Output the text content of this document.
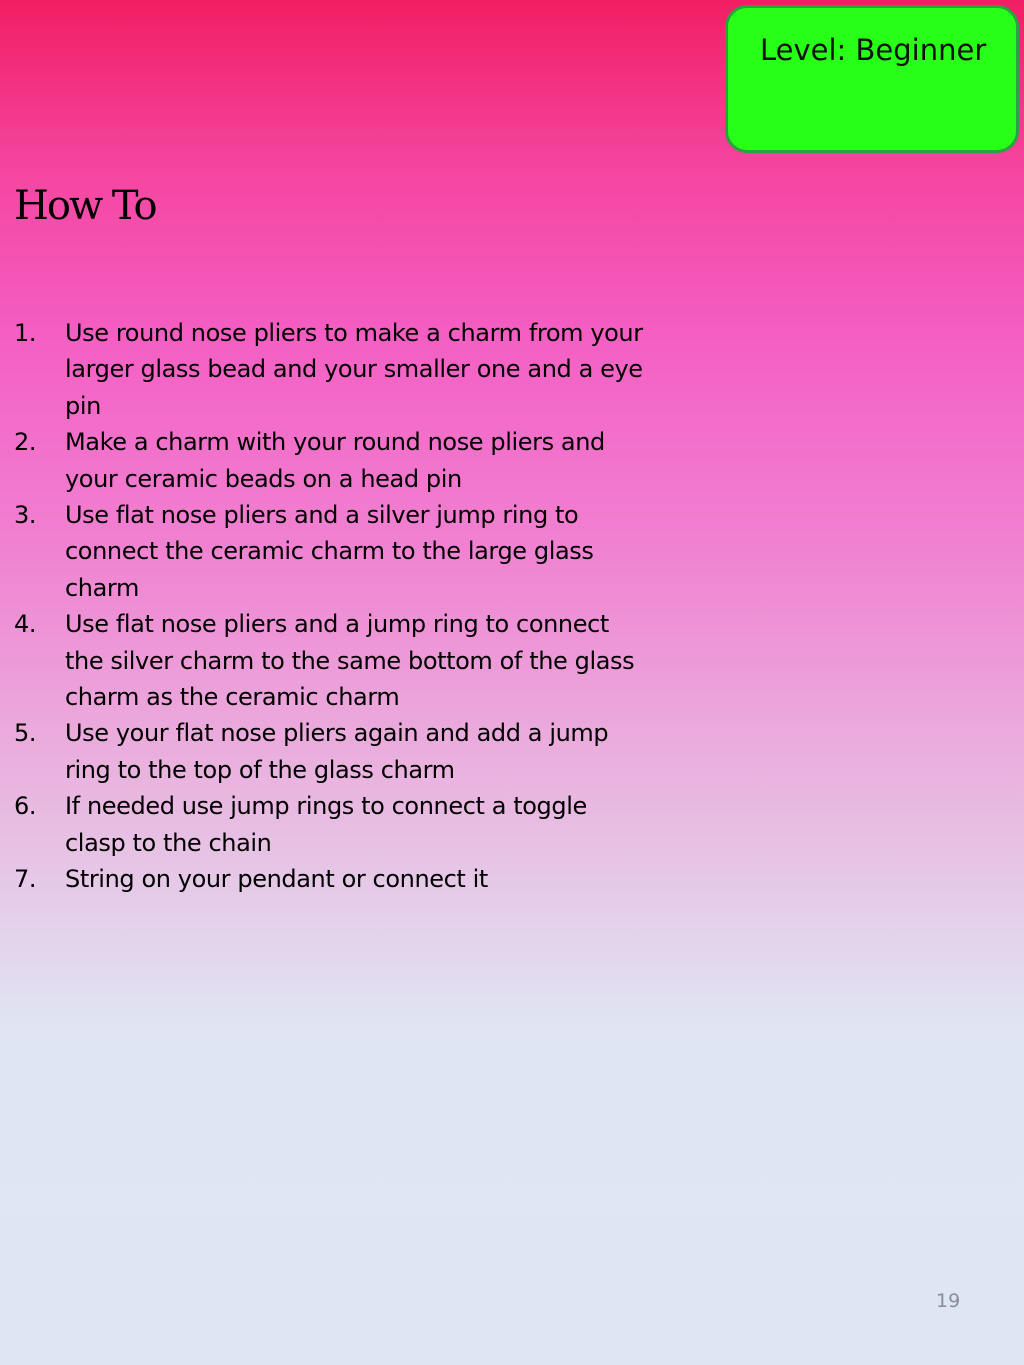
Level: Beginner
How To
1. Use round nose pliers to make a charm from your larger glass bead and your smaller one and a eye pin
2. Make a charm with your round nose pliers and your ceramic beads on a head pin
3. Use flat nose pliers and a silver jump ring to connect the ceramic charm to the large glass charm
4. Use flat nose pliers and a jump ring to connect the silver charm to the same bottom of the glass charm as the ceramic charm
5. Use your flat nose pliers again and add a jump ring to the top of the glass charm
6. If needed use jump rings to connect a toggle clasp to the chain
7. String on your pendant or connect it
19
